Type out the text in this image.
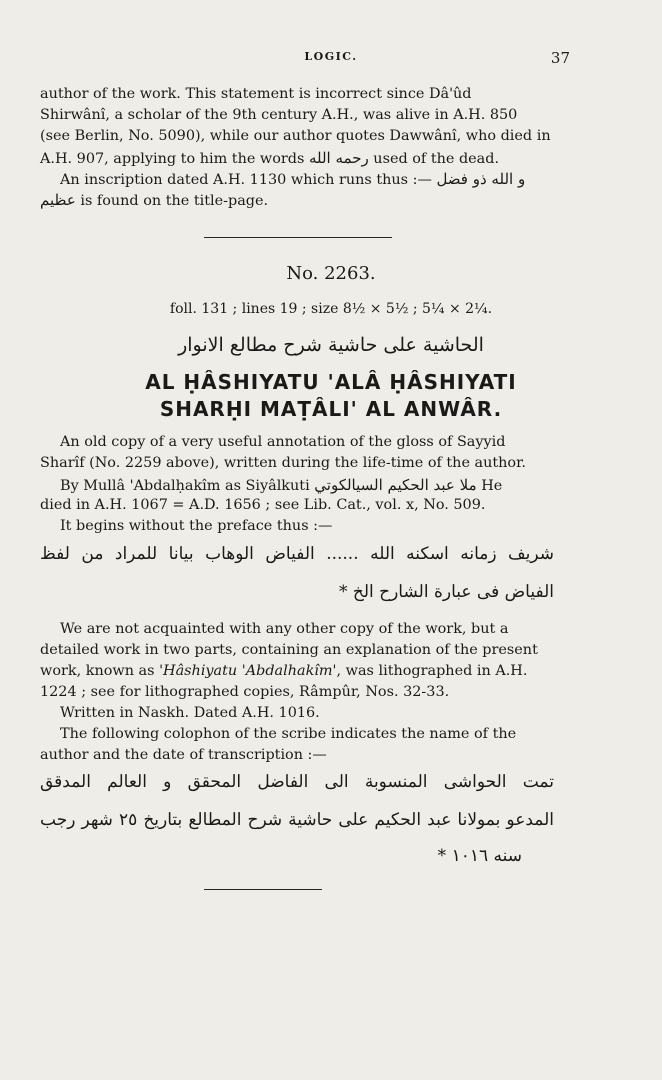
LOGIC.	37
author of the work. This statement is incorrect since Dâ'ûd
Shirwânî, a scholar of the 9th century A.H., was alive in A.H. 850
(see Berlin, No. 5090), while our author quotes Dawwânî, who died in
A.H. 907, applying to him the words رحمه الله used of the dead.
An inscription dated A.H. 1130 which runs thus :— و الله ذو فضل
عظيم is found on the title-page.
No. 2263.
foll. 131 ; lines 19 ; size 8½ × 5½ ; 5¼ × 2¼.
الحاشية على حاشية شرح مطالع الانوار
AL ḤÂSHIYATU 'ALÂ ḤÂSHIYATI
SHARḤI MAṬÂLI' AL ANWÂR.
An old copy of a very useful annotation of the gloss of Sayyid
Sharîf (No. 2259 above), written during the life-time of the author.
By Mullâ 'Abdalḥakîm as Siyâlkuti ملا عبد الحكيم السيالكوتي He
died in A.H. 1067 = A.D. 1656 ; see Lib. Cat., vol. x, No. 509.
It begins without the preface thus :—
شريف زمانه اسكنه الله ...... الفياض الوهاب بيانا للمراد من لفظ
الفياض فى عبارة الشارح الخ *
We are not acquainted with any other copy of the work, but a
detailed work in two parts, containing an explanation of the present
work, known as 'Hâshiyatu 'Abdalhakîm', was lithographed in A.H.
1224 ; see for lithographed copies, Râmpûr, Nos. 32-33.
Written in Naskh. Dated A.H. 1016.
The following colophon of the scribe indicates the name of the
author and the date of transcription :—
تمت الحواشى المنسوبة الى الفاضل المحقق و العالم المدقق
المدعو بمولانا عبد الحكيم على حاشية شرح المطالع بتاريخ ٢٥ شهر رجب
سنه ١٠١٦ *
